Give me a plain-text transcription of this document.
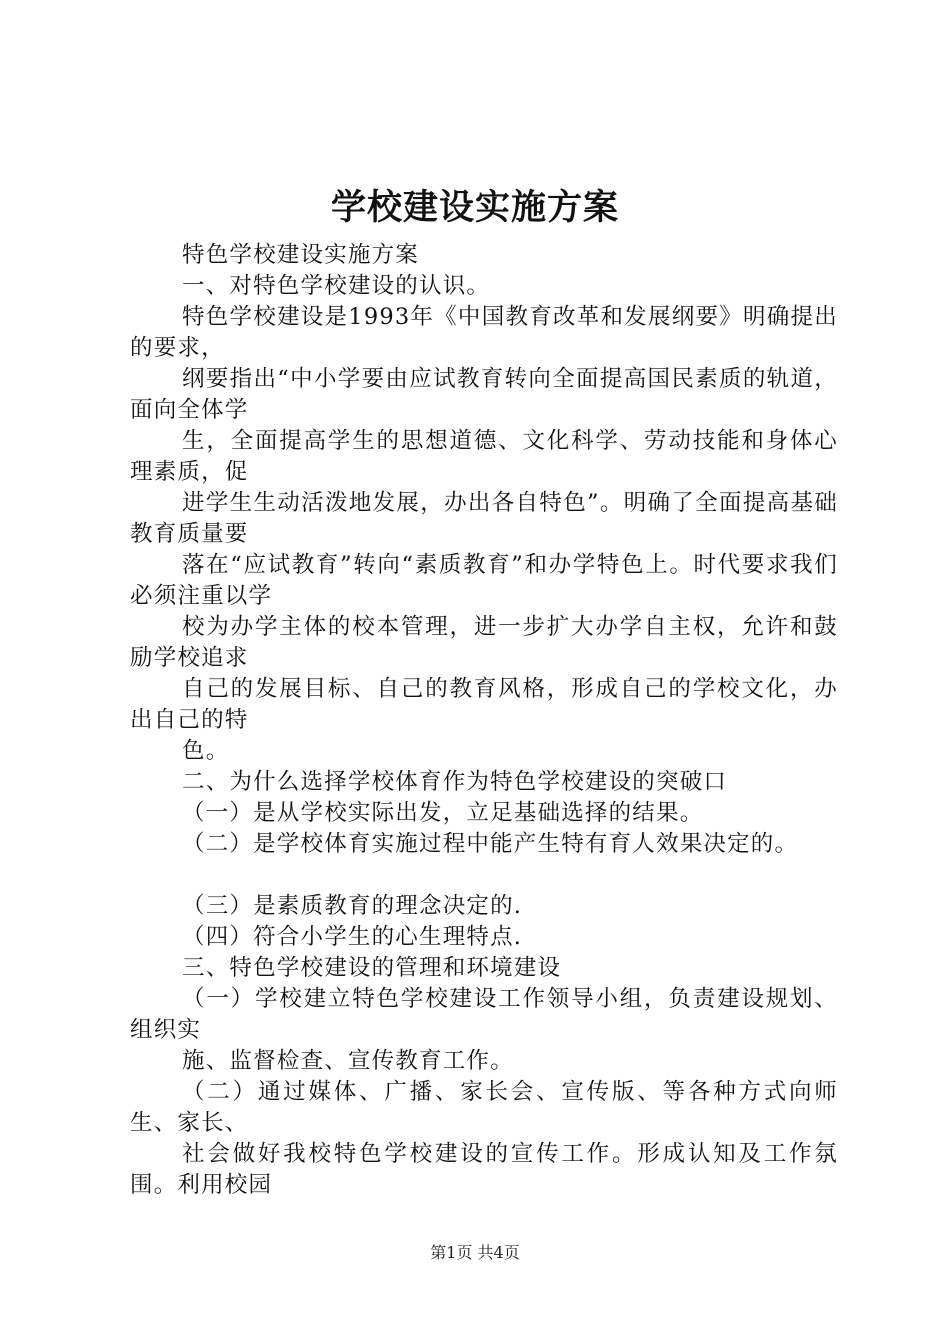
学校建设实施方案

特色学校建设实施方案

一、对特色学校建设的认识。

特色学校建设是1993年《中国教育改革和发展纲要》明确提出的要求，

纲要指出“中小学要由应试教育转向全面提高国民素质的轨道，面向全体学

生，全面提高学生的思想道德、文化科学、劳动技能和身体心理素质，促

进学生生动活泼地发展，办出各自特色”。明确了全面提高基础教育质量要

落在“应试教育”转向“素质教育”和办学特色上。时代要求我们必须注重以学

校为办学主体的校本管理，进一步扩大办学自主权，允许和鼓励学校追求

自己的发展目标、自己的教育风格，形成自己的学校文化，办出自己的特

色。

二、为什么选择学校体育作为特色学校建设的突破口

（一）是从学校实际出发，立足基础选择的结果。

（二）是学校体育实施过程中能产生特有育人效果决定的。

（三）是素质教育的理念决定的.

（四）符合小学生的心生理特点.

三、特色学校建设的管理和环境建设

（一）学校建立特色学校建设工作领导小组，负责建设规划、组织实

施、监督检查、宣传教育工作。

（二）通过媒体、广播、家长会、宣传版、等各种方式向师生、家长、

社会做好我校特色学校建设的宣传工作。形成认知及工作氛围。利用校园

第1页 共4页
